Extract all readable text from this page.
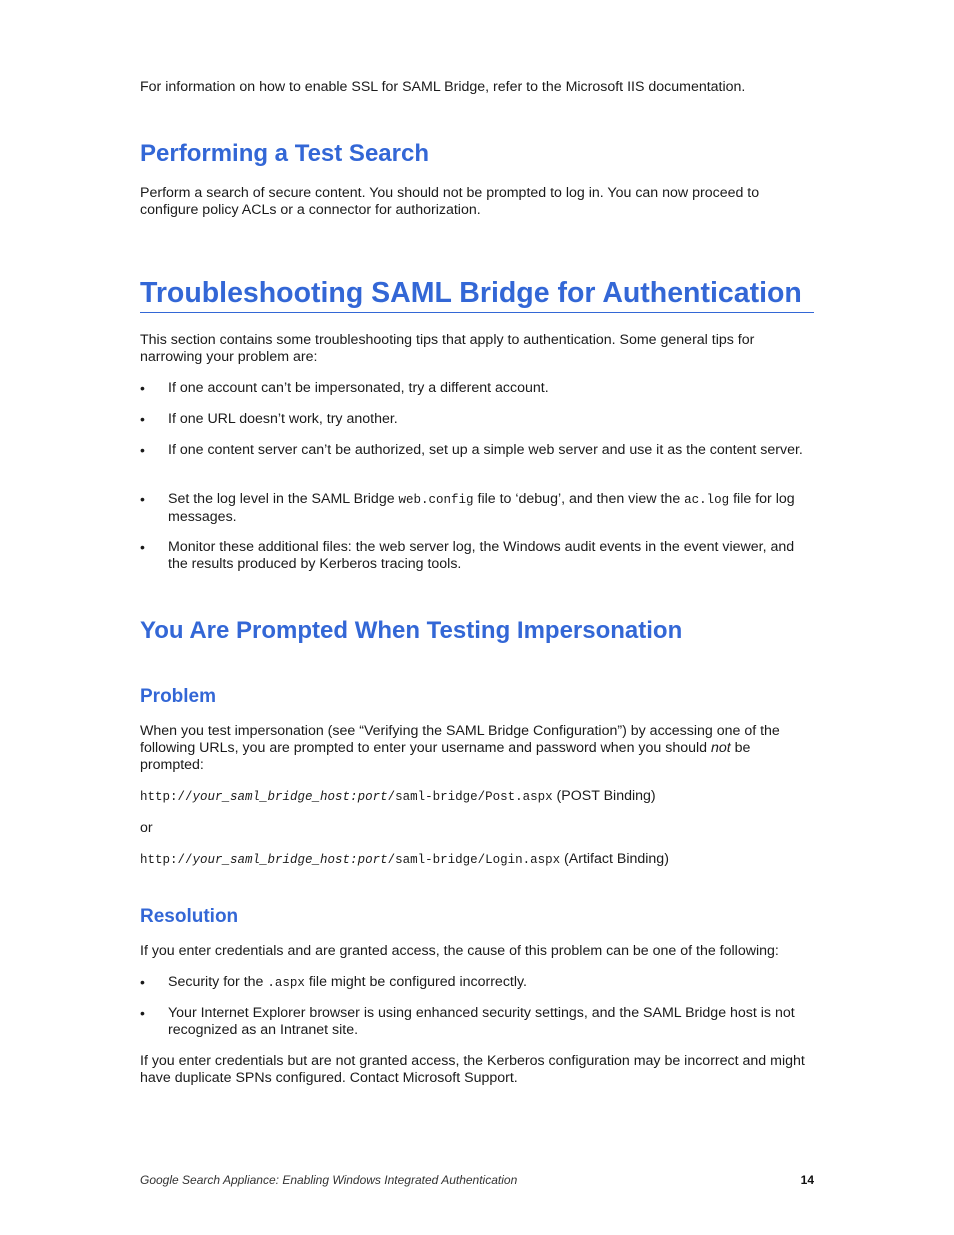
For information on how to enable SSL for SAML Bridge, refer to the Microsoft IIS documentation.

Performing a Test Search

Perform a search of secure content. You should not be prompted to log in. You can now proceed to configure policy ACLs or a connector for authorization.

Troubleshooting SAML Bridge for Authentication

This section contains some troubleshooting tips that apply to authentication. Some general tips for narrowing your problem are:

• If one account can’t be impersonated, try a different account.

• If one URL doesn’t work, try another.

• If one content server can’t be authorized, set up a simple web server and use it as the content server.

• Set the log level in the SAML Bridge web.config file to ‘debug’, and then view the ac.log file for log messages.

• Monitor these additional files: the web server log, the Windows audit events in the event viewer, and the results produced by Kerberos tracing tools.

You Are Prompted When Testing Impersonation
Problem

When you test impersonation (see “Verifying the SAML Bridge Configuration”) by accessing one of the following URLs, you are prompted to enter your username and password when you should not be prompted:

http://your_saml_bridge_host:port/saml-bridge/Post.aspx (POST Binding)

or

http://your_saml_bridge_host:port/saml-bridge/Login.aspx (Artifact Binding)

Resolution

If you enter credentials and are granted access, the cause of this problem can be one of the following:

• Security for the .aspx file might be configured incorrectly.

• Your Internet Explorer browser is using enhanced security settings, and the SAML Bridge host is not recognized as an Intranet site.

If you enter credentials but are not granted access, the Kerberos configuration may be incorrect and might have duplicate SPNs configured. Contact Microsoft Support.

Google Search Appliance: Enabling Windows Integrated Authentication	14
